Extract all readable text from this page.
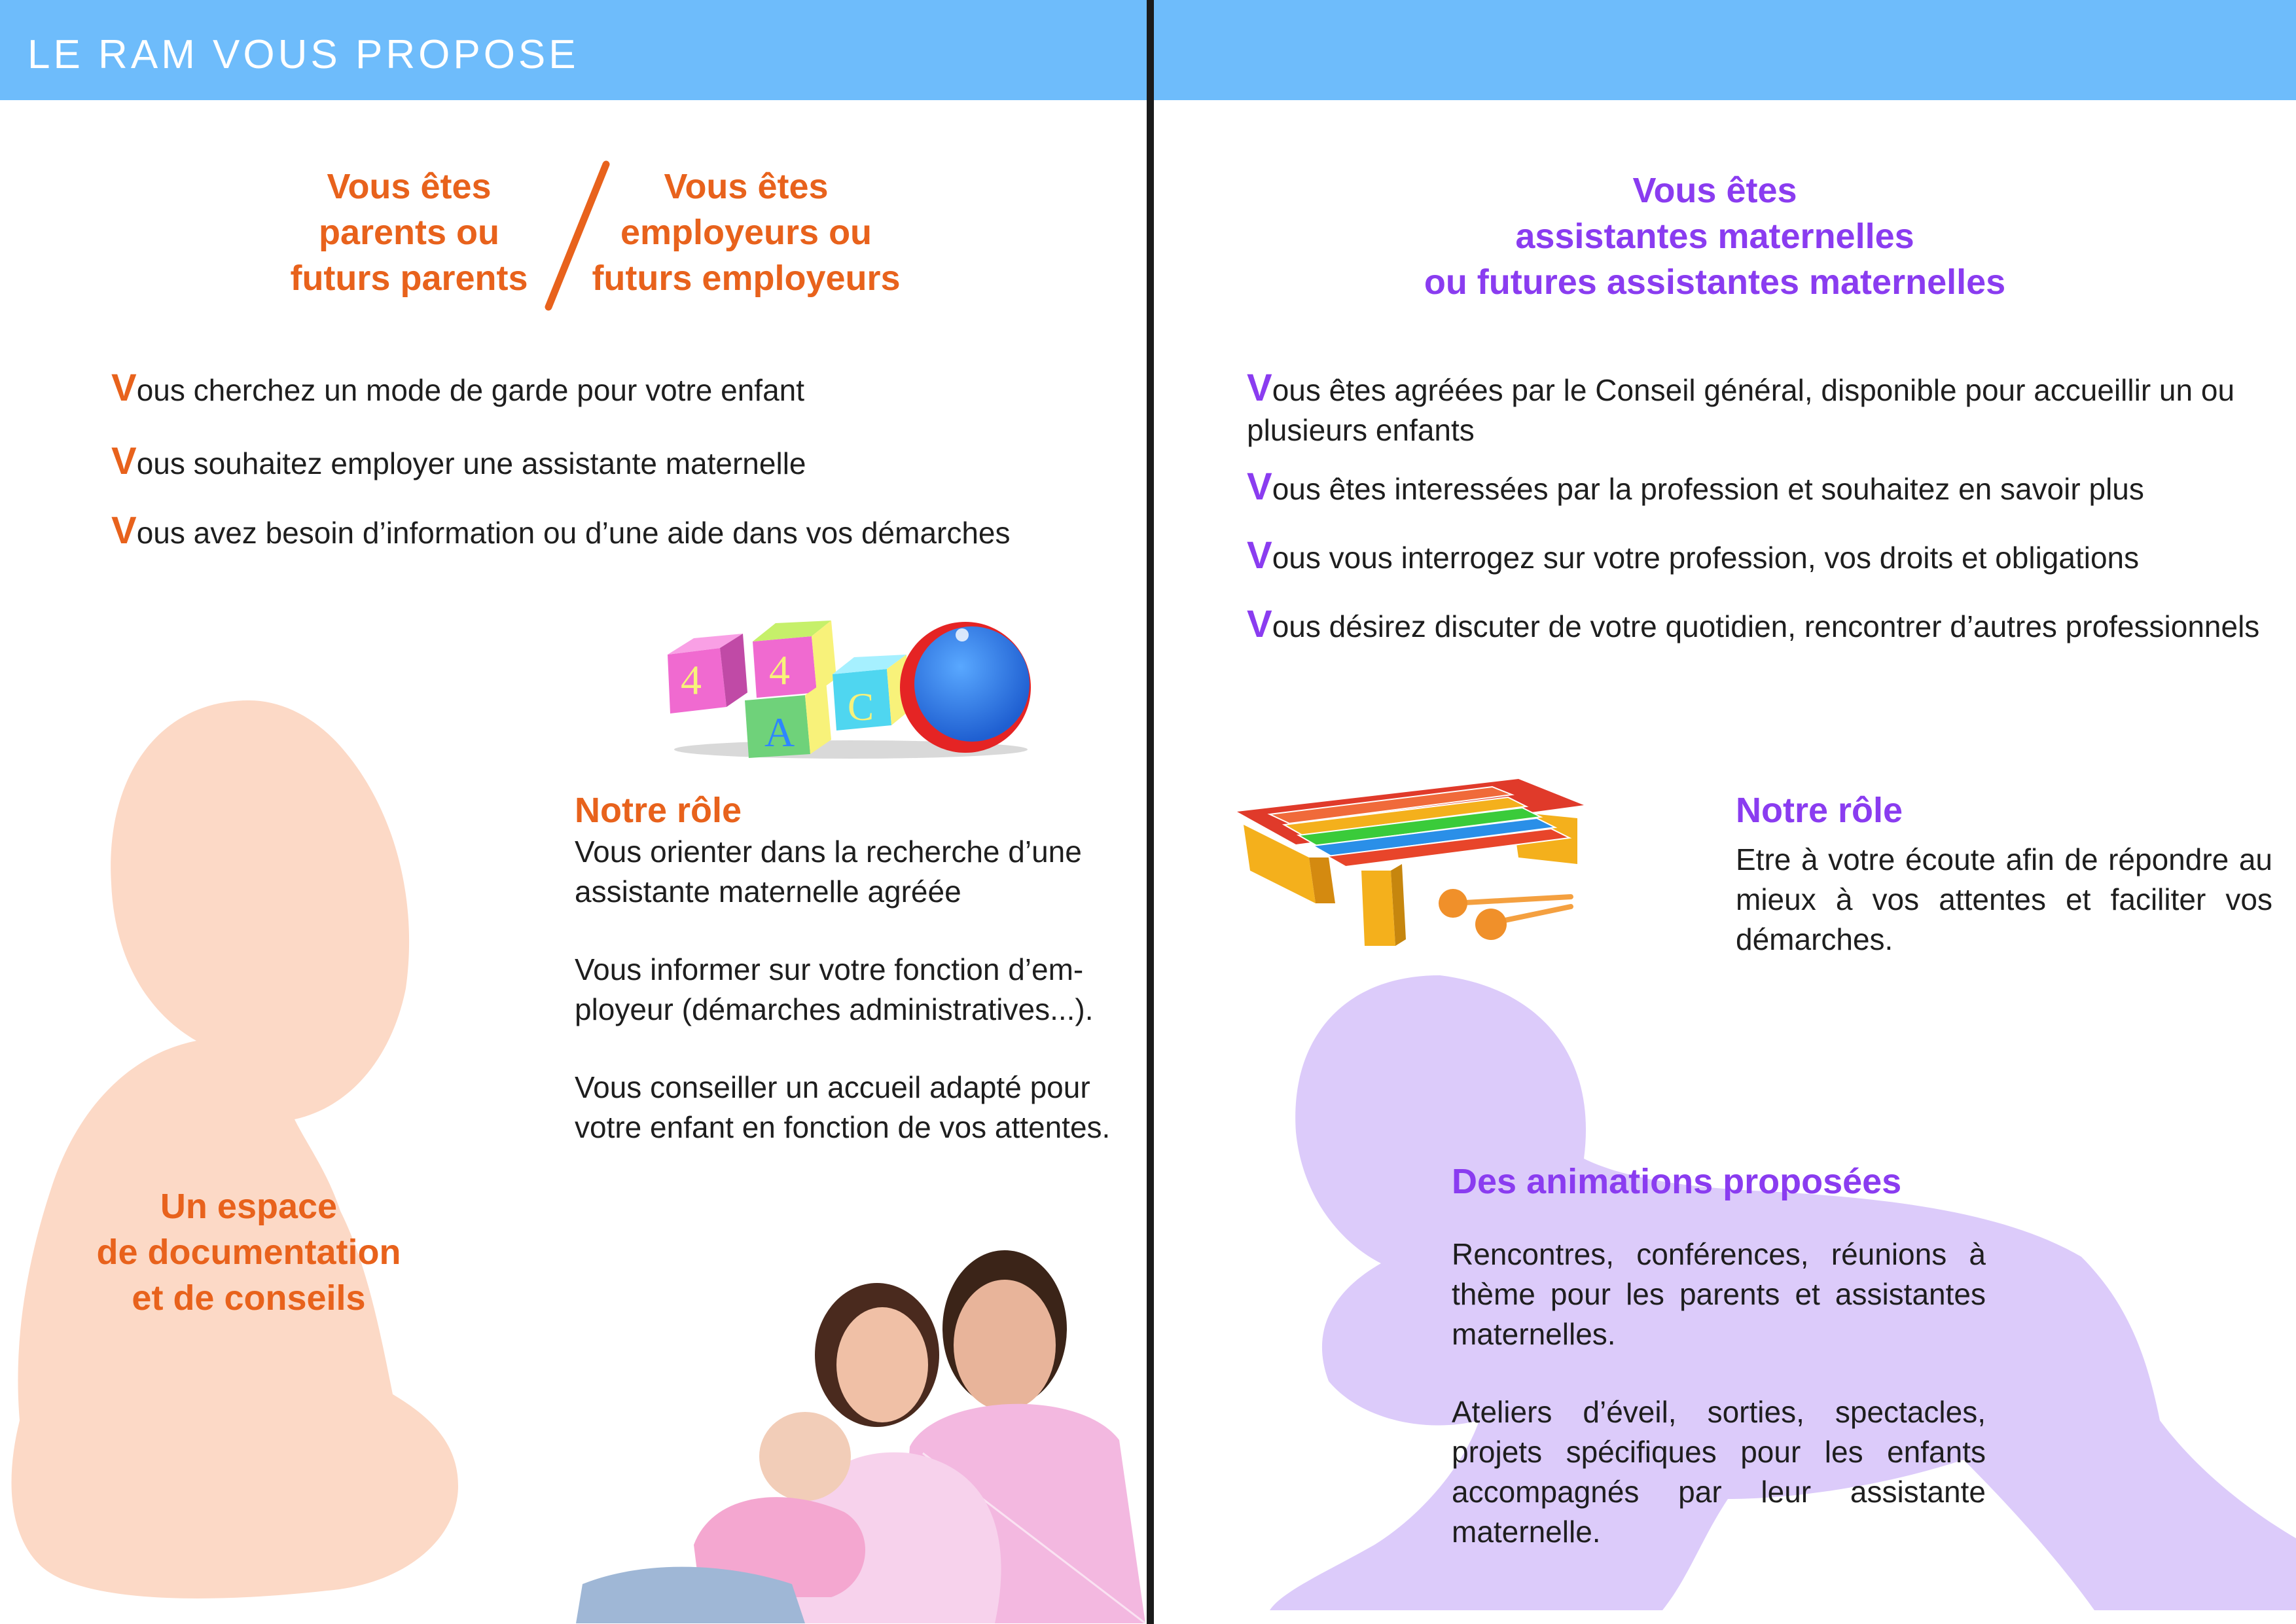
LE RAM VOUS PROPOSE
Vous êtes
parents ou
futurs parents
Vous êtes
employeurs ou
futurs employeurs
Vous cherchez un mode de garde pour votre enfant
Vous souhaitez employer une assistante maternelle
Vous avez besoin d’information ou d’une aide dans vos démarches
4 4
A
C
Notre rôle
Vous orienter dans la recherche d’une
assistante maternelle agréée
Vous informer sur votre fonction d’em-
ployeur (démarches administratives...).
Vous conseiller un accueil adapté pour
votre enfant en fonction de vos attentes.
Un espace
de documentation
et de conseils
Vous êtes
assistantes maternelles
ou futures assistantes maternelles
Vous êtes agréées par le Conseil général, disponible pour accueillir un ou
plusieurs enfants
Vous êtes interessées par la profession et souhaitez en savoir plus
Vous vous interrogez sur votre profession, vos droits et obligations
Vous désirez discuter de votre quotidien, rencontrer d’autres professionnels
Notre rôle
Etre à votre écoute afin de répondre au mieux à vos attentes et faciliter vos démarches.
Des animations proposées
Rencontres, conférences, réunions à thème pour les parents et assistantes maternelles.
Ateliers d’éveil, sorties, spectacles, projets spécifiques pour les enfants accompagnés par leur assistante maternelle.
